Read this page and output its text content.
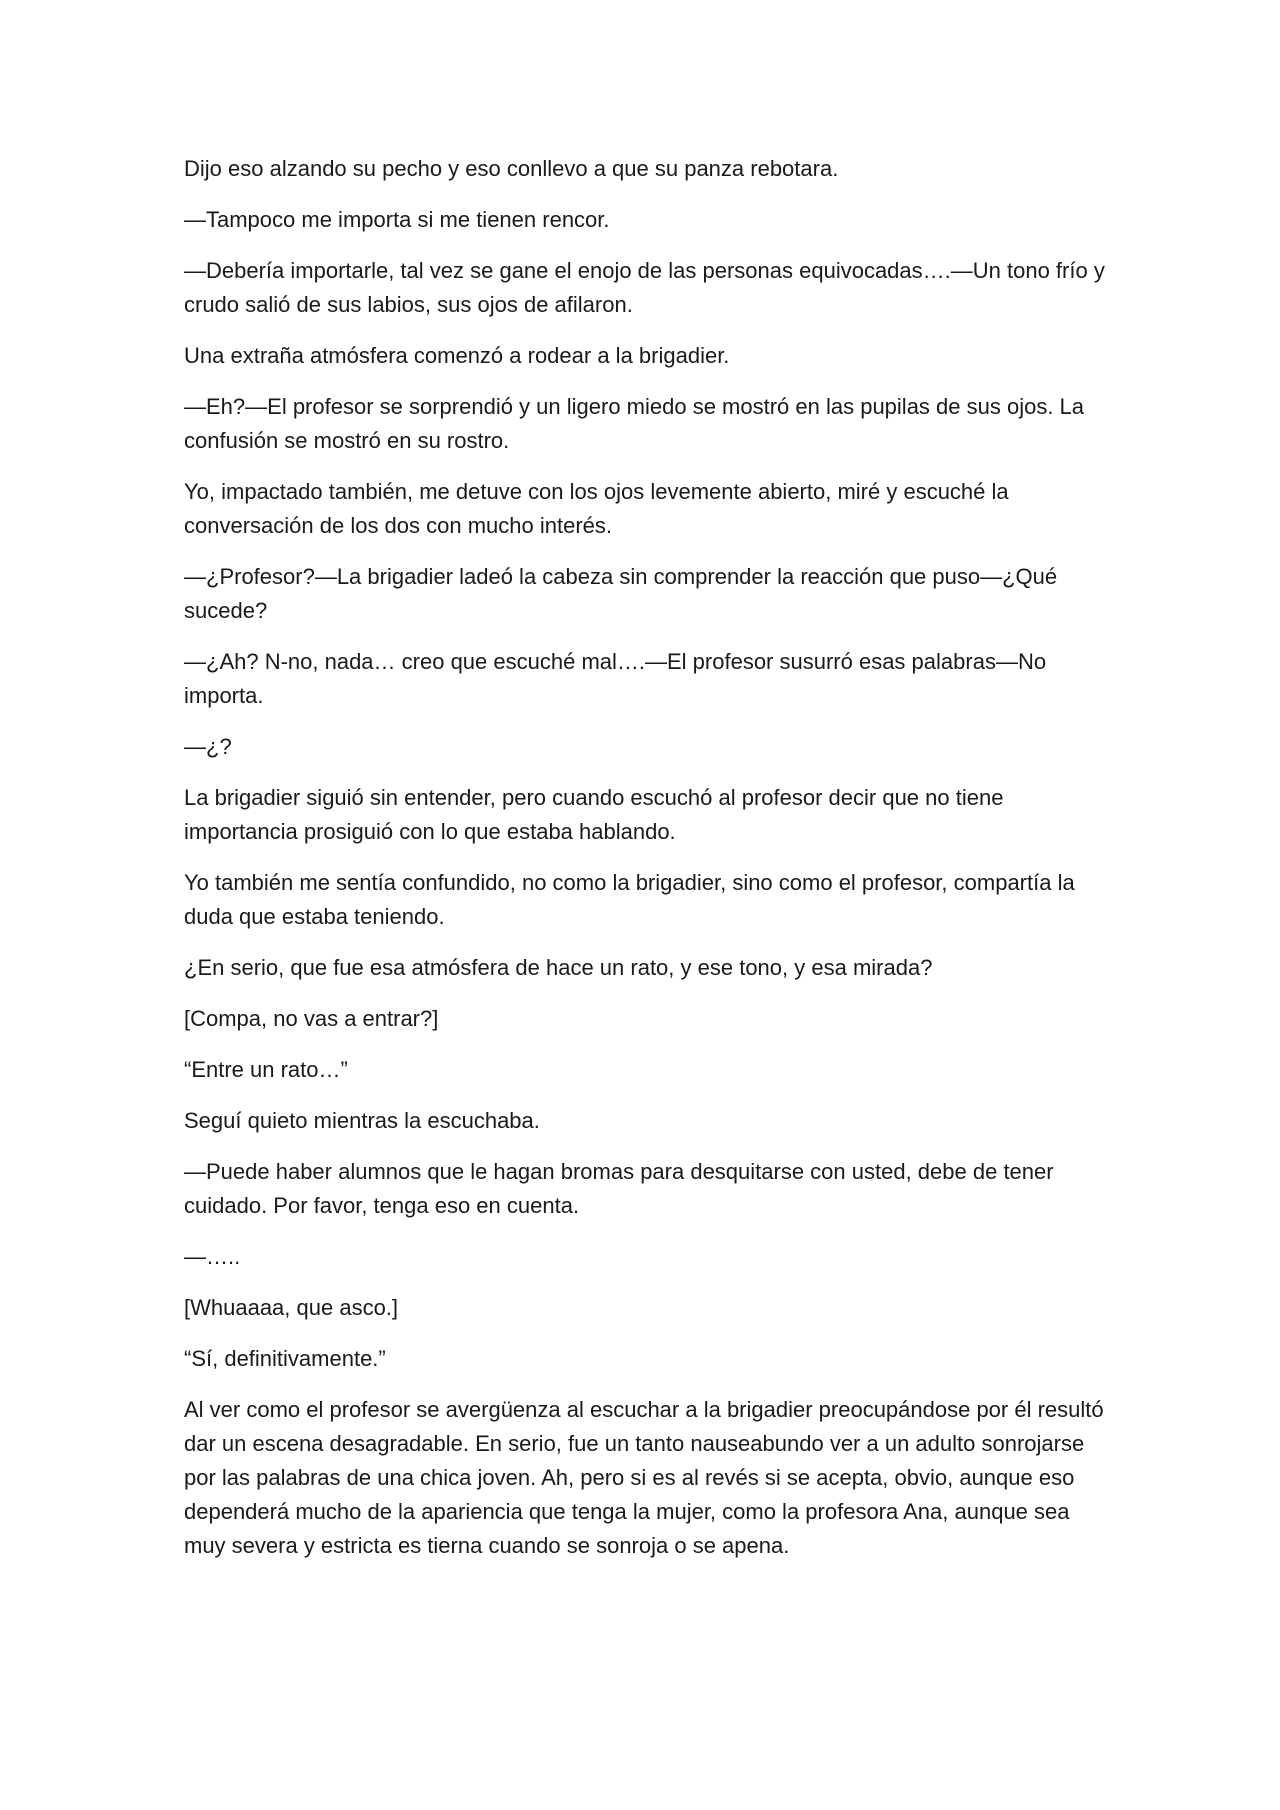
Dijo eso alzando su pecho y eso conllevo a que su panza rebotara.

—Tampoco me importa si me tienen rencor.

—Debería importarle, tal vez se gane el enojo de las personas equivocadas….—Un tono frío y crudo salió de sus labios, sus ojos de afilaron.

Una extraña atmósfera comenzó a rodear a la brigadier.

—Eh?—El profesor se sorprendió y un ligero miedo se mostró en las pupilas de sus ojos. La confusión se mostró en su rostro.

Yo, impactado también, me detuve con los ojos levemente abierto, miré y escuché la conversación de los dos con mucho interés.

—¿Profesor?—La brigadier ladeó la cabeza sin comprender la reacción que puso—¿Qué sucede?

—¿Ah? N-no, nada… creo que escuché mal….—El profesor susurró esas palabras—No importa.

—¿?

La brigadier siguió sin entender, pero cuando escuchó al profesor decir que no tiene importancia prosiguió con lo que estaba hablando.

Yo también me sentía confundido, no como la brigadier, sino como el profesor, compartía la duda que estaba teniendo.

¿En serio, que fue esa atmósfera de hace un rato, y ese tono, y esa mirada?

[Compa, no vas a entrar?]

“Entre un rato…”

Seguí quieto mientras la escuchaba.

—Puede haber alumnos que le hagan bromas para desquitarse con usted, debe de tener cuidado. Por favor, tenga eso en cuenta.

—…..

[Whuaaaa, que asco.]

“Sí, definitivamente.”

Al ver como el profesor se avergüenza al escuchar a la brigadier preocupándose por él resultó dar un escena desagradable. En serio, fue un tanto nauseabundo ver a un adulto sonrojarse por las palabras de una chica joven. Ah, pero si es al revés si se acepta, obvio, aunque eso dependerá mucho de la apariencia que tenga la mujer, como la profesora Ana, aunque sea muy severa y estricta es tierna cuando se sonroja o se apena.
